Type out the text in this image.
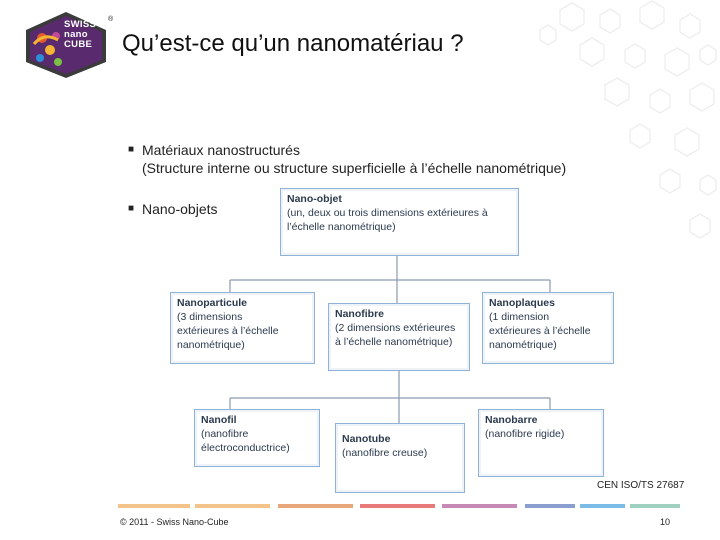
SWISS
nano
CUBE
®
Qu’est-ce qu’un nanomatériau ?
■ Matériaux nanostructurés
(Structure interne ou structure superficielle à l’échelle nanométrique)
■ Nano-objets
Nano-objet
(un, deux ou trois dimensions extérieures à
l’échelle nanométrique)
Nanoparticule
(3 dimensions
extérieures à l’échelle
nanométrique)
Nanofibre
(2 dimensions extérieures
à l’échelle nanométrique)
Nanoplaques
(1 dimension
extérieures à l’échelle
nanométrique)
Nanofil
(nanofibre
électroconductrice)
Nanotube
(nanofibre creuse)
Nanobarre
(nanofibre rigide)
CEN ISO/TS 27687
© 2011 - Swiss Nano-Cube	10
